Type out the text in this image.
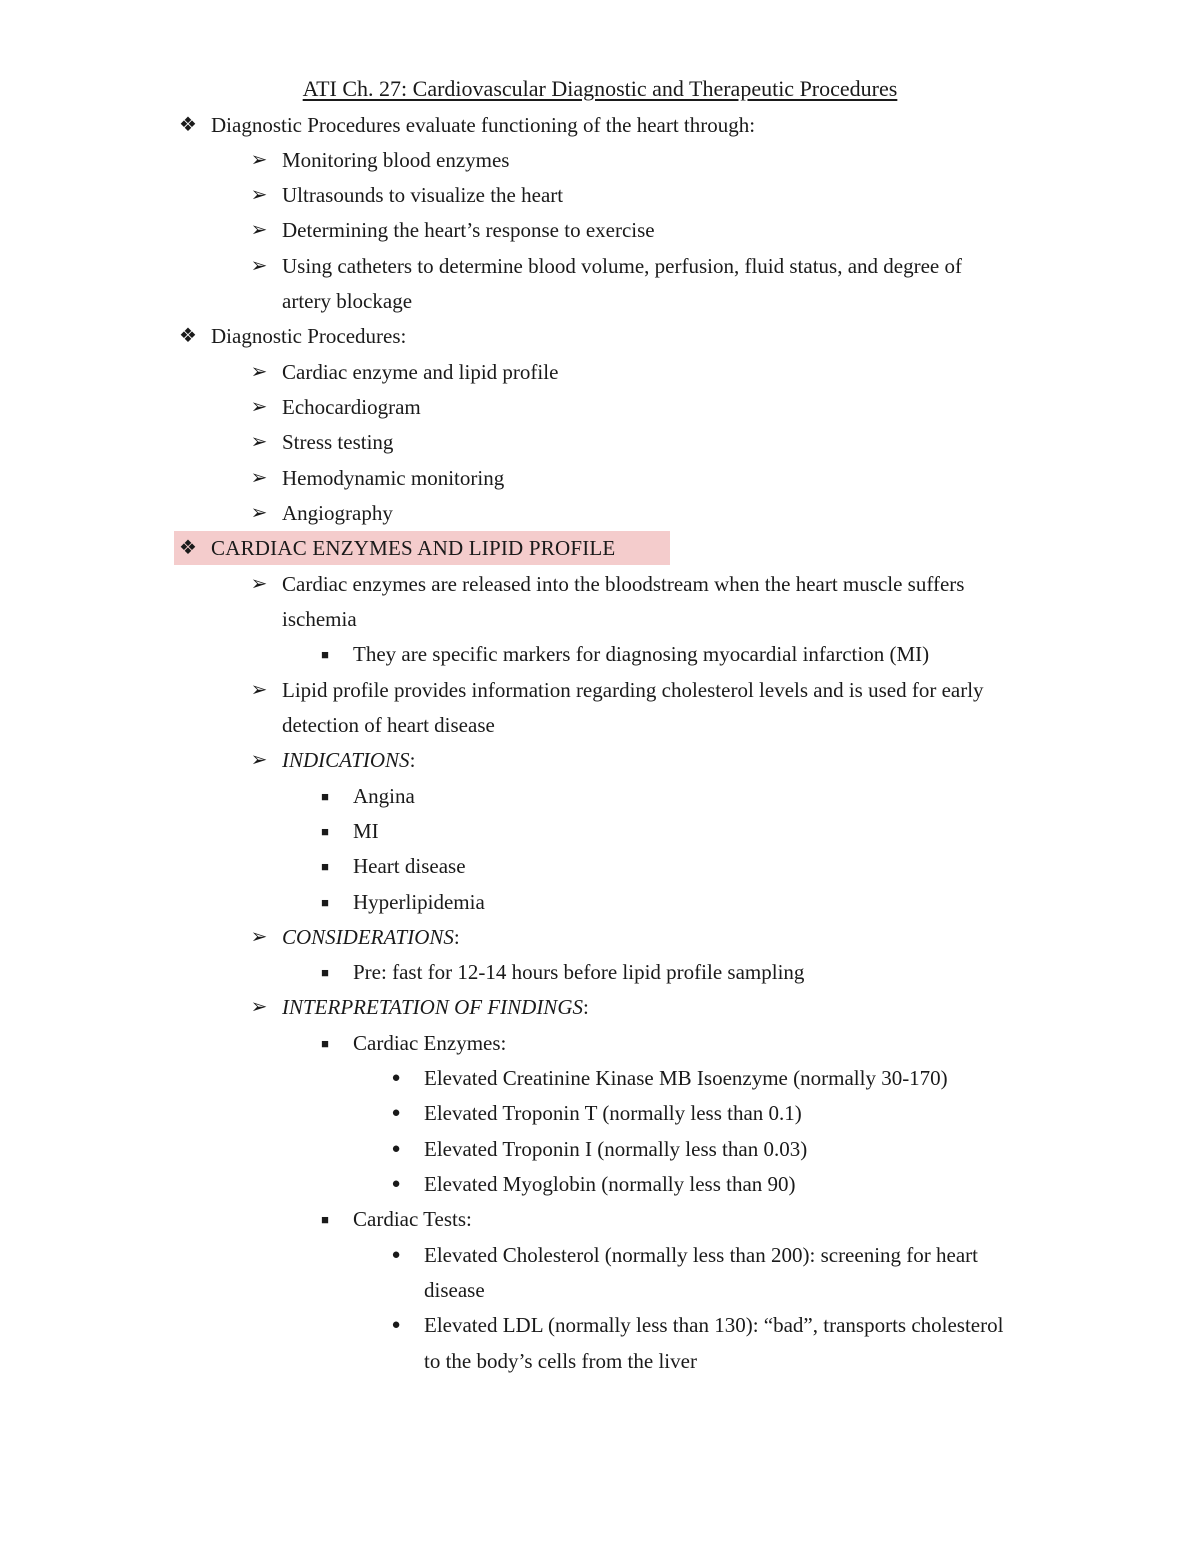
ATI Ch. 27: Cardiovascular Diagnostic and Therapeutic Procedures
❖ Diagnostic Procedures evaluate functioning of the heart through:
➢ Monitoring blood enzymes
➢ Ultrasounds to visualize the heart
➢ Determining the heart’s response to exercise
➢ Using catheters to determine blood volume, perfusion, fluid status, and degree of
artery blockage
❖ Diagnostic Procedures:
➢ Cardiac enzyme and lipid profile
➢ Echocardiogram
➢ Stress testing
➢ Hemodynamic monitoring
➢ Angiography
❖ CARDIAC ENZYMES AND LIPID PROFILE
➢ Cardiac enzymes are released into the bloodstream when the heart muscle suffers
ischemia
■	They are specific markers for diagnosing myocardial infarction (MI)
➢ Lipid profile provides information regarding cholesterol levels and is used for early
detection of heart disease
➢ INDICATIONS:
■	Angina
■	MI
■	Heart disease
■	Hyperlipidemia
➢ CONSIDERATIONS:
■	Pre: fast for 12-14 hours before lipid profile sampling
➢ INTERPRETATION OF FINDINGS:
■	Cardiac Enzymes:
● Elevated Creatinine Kinase MB Isoenzyme (normally 30-170)
● Elevated Troponin T (normally less than 0.1)
● Elevated Troponin I (normally less than 0.03)
● Elevated Myoglobin (normally less than 90)
■	Cardiac Tests:
● Elevated Cholesterol (normally less than 200): screening for heart
disease
● Elevated LDL (normally less than 130): “bad”, transports cholesterol
to the body’s cells from the liver
